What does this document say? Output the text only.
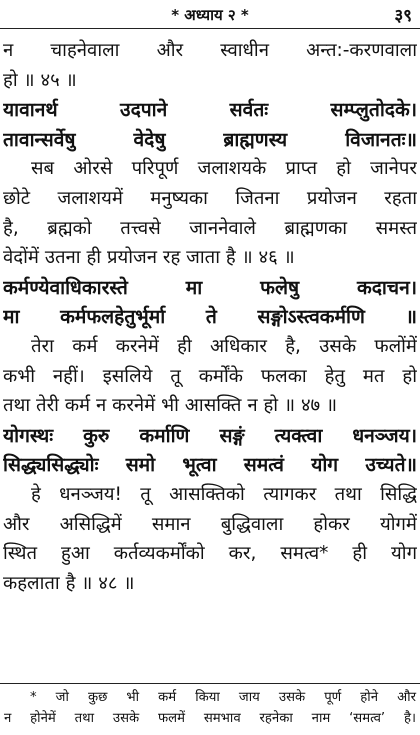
* अध्याय २ *	३९
न चाहनेवाला और स्वाधीन अन्त:-करणवाला
हो ॥ ४५ ॥
यावानर्थ उदपाने सर्वतः सम्प्लुतोदके।
तावान्सर्वेषु वेदेषु ब्राह्मणस्य विजानतः॥
सब ओरसे परिपूर्ण जलाशयके प्राप्त हो जानेपर
छोटे जलाशयमें मनुष्यका जितना प्रयोजन रहता
है, ब्रह्मको तत्त्वसे जाननेवाले ब्राह्मणका समस्त
वेदोंमें उतना ही प्रयोजन रह जाता है ॥ ४६ ॥
कर्मण्येवाधिकारस्ते मा फलेषु कदाचन।
मा कर्मफलहेतुर्भूर्मा ते सङ्गोऽस्त्वकर्मणि ॥
तेरा कर्म करनेमें ही अधिकार है, उसके फलोंमें
कभी नहीं। इसलिये तू कर्मोंके फलका हेतु मत हो
तथा तेरी कर्म न करनेमें भी आसक्ति न हो ॥ ४७ ॥
योगस्थः कुरु कर्माणि सङ्गं त्यक्त्वा धनञ्जय।
सिद्ध्यसिद्ध्योः समो भूत्वा समत्वं योग उच्यते॥
हे धनञ्जय! तू आसक्तिको त्यागकर तथा सिद्धि
और असिद्धिमें समान बुद्धिवाला होकर योगमें
स्थित हुआ कर्तव्यकर्मोंको कर, समत्व* ही योग
कहलाता है ॥ ४८ ॥
* जो कुछ भी कर्म किया जाय उसके पूर्ण होने और
न होनेमें तथा उसके फलमें समभाव रहनेका नाम ‘समत्व’ है।
